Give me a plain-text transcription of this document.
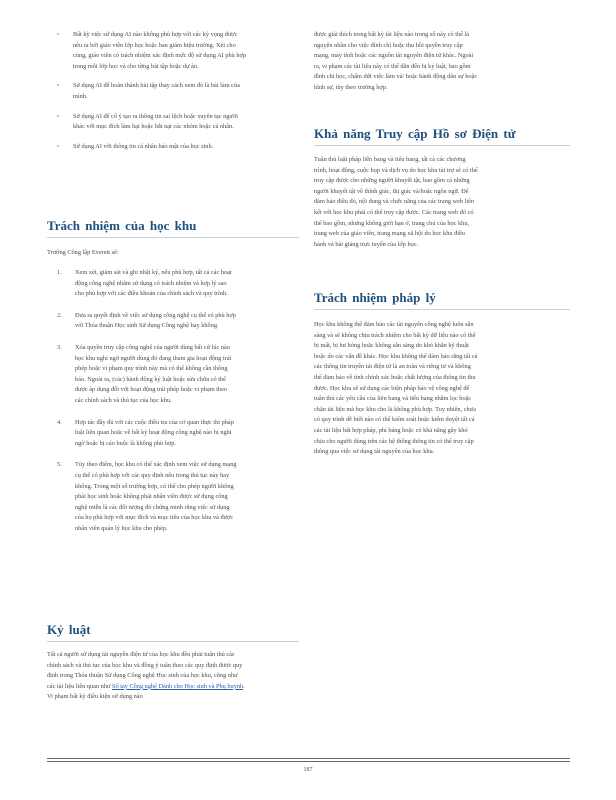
▫	Bất kỳ việc sử dụng AI nào không phù hợp với các kỳ vọng được nêu ra bởi giáo viên lớp học hoặc ban giám hiệu trường. Xét cho cùng, giáo viên có trách nhiệm xác định mức độ sử dụng AI phù hợp trong mỗi lớp học và cho từng bài tập hoặc dự án.
▫	Sử dụng AI để hoàn thành bài tập thay cách xem đó là bài làm của mình.
▫	Sử dụng AI để cố ý tạo ra thông tin sai lệch hoặc xuyên tạc người khác với mục đích làm hại hoặc bắt nạt các nhóm hoặc cá nhân.
▫	Sử dụng AI với thông tin cá nhân bảo mật của học sinh.
Trách nhiệm của học khu

Trường Công lập Everett sẽ:

1.	Xem xét, giám sát và ghi nhật ký, nếu phù hợp, tất cả các hoạt động công nghệ nhằm sử dụng có trách nhiệm và hợp lý sao cho phù hợp với các điều khoản của chính sách và quy trình.
2.	Đưa ra quyết định về việc sử dụng công nghệ cụ thể có phù hợp với Thỏa thuận Học sinh Sử dụng Công nghệ hay không.
3.	Xóa quyền truy cập công nghệ của người dùng bất cứ lúc nào học khu nghi ngờ người dùng đó đang tham gia hoạt động trái phép hoặc vi phạm quy trình này mà có thể không cần thông báo. Ngoài ra, (các) hành động kỷ luật hoặc sửa chữa có thể được áp dụng đối với hoạt động trái phép hoặc vi phạm theo các chính sách và thủ tục của học khu.
4.	Hợp tác đầy đủ với các cuộc điều tra của cơ quan thực thi pháp luật liên quan hoặc về bất kỳ hoạt động công nghệ nào bị nghi ngờ hoặc bị cáo buộc là không phù hợp.
5.	Tùy theo điểm, học khu có thể xác định xem việc sử dụng mạng cụ thể có phù hợp với các quy định nêu trong thủ tục này hay không. Trong một số trường hợp, có thể cho phép người không phải học sinh hoặc không phải nhân viên được sử dụng công nghệ miễn là các đối tượng đó chứng minh rằng việc sử dụng của họ phù hợp với mục đích và mục tiêu của học khu và được nhân viên quản lý học khu cho phép.
Kỷ luật

Tất cả người sử dụng tài nguyên điện tử của học khu đều phải tuân thủ các chính sách và thủ tục của học khu và đồng ý tuân theo các quy định được quy định trong Thỏa thuận Sử dụng Công nghệ Học sinh của học khu, cũng như các tài liệu liên quan như Sổ tay Công nghệ Dành cho Học sinh và Phụ huynh. Vi phạm bất kỳ điều kiện sử dụng nào

được giải thích trong bất kỳ tài liệu nào trong số này có thể là nguyên nhân cho việc đình chỉ hoặc thu hồi quyền truy cập mạng, máy tính hoặc các nguồn tài nguyên điện tử khác. Ngoài ra, vi phạm các tài liệu này có thể dẫn đến bị kỷ luật, bao gồm đình chỉ học, chấm dứt việc làm và/ hoặc hành động dân sự hoặc hình sự, tùy theo trường hợp.

Khả năng Truy cập Hồ sơ Điện tử

Tuân thủ luật pháp liên bang và tiểu bang, tất cả các chương trình, hoạt động, cuộc họp và dịch vụ do học khu tài trợ sẽ có thể truy cập được cho những người khuyết tật, bao gồm cả những người khuyết tật về thính giác, thị giác và/hoặc ngôn ngữ. Để đảm bảo điều đó, nội dung và chức năng của các trang web liên kết với học khu phải có thể truy cập được. Các trang web đó có thể bao gồm, nhưng không giới hạn ở, trang chủ của học khu, trang web của giáo viên, trang mạng xã hội do học khu điều hành và bài giảng trực tuyến của lớp học.

Trách nhiệm pháp lý

Học khu không thể đảm bảo các tài nguyên công nghệ luôn sẵn sàng và sẽ không chịu trách nhiệm cho bất kỳ dữ liệu nào có thể bị mất, bị hư hỏng hoặc không sẵn sàng do khó khăn kỹ thuật hoặc do các vấn đề khác. Học khu không thể đảm bảo rằng tất cả các thông tin truyền tải điện tử là an toàn và riêng tư và không thể đảm bảo về tính chính xác hoặc chất lượng của thông tin thu được. Học khu sẽ sử dụng các biện pháp bảo vệ công nghệ để tuân thủ các yêu cầu của liên bang và tiểu bang nhằm lọc hoặc chặn tài liệu mà học khu cho là không phù hợp. Tuy nhiên, chưa có quy trình dễ biết nào có thể kiểm soát hoặc kiểm duyệt tất cả các tài liệu bất hợp pháp, phỉ báng hoặc có khả năng gây khó chịu cho người dùng trên các hệ thống thông tin có thể truy cập thông qua việc sử dụng tài nguyên của học khu.

187
